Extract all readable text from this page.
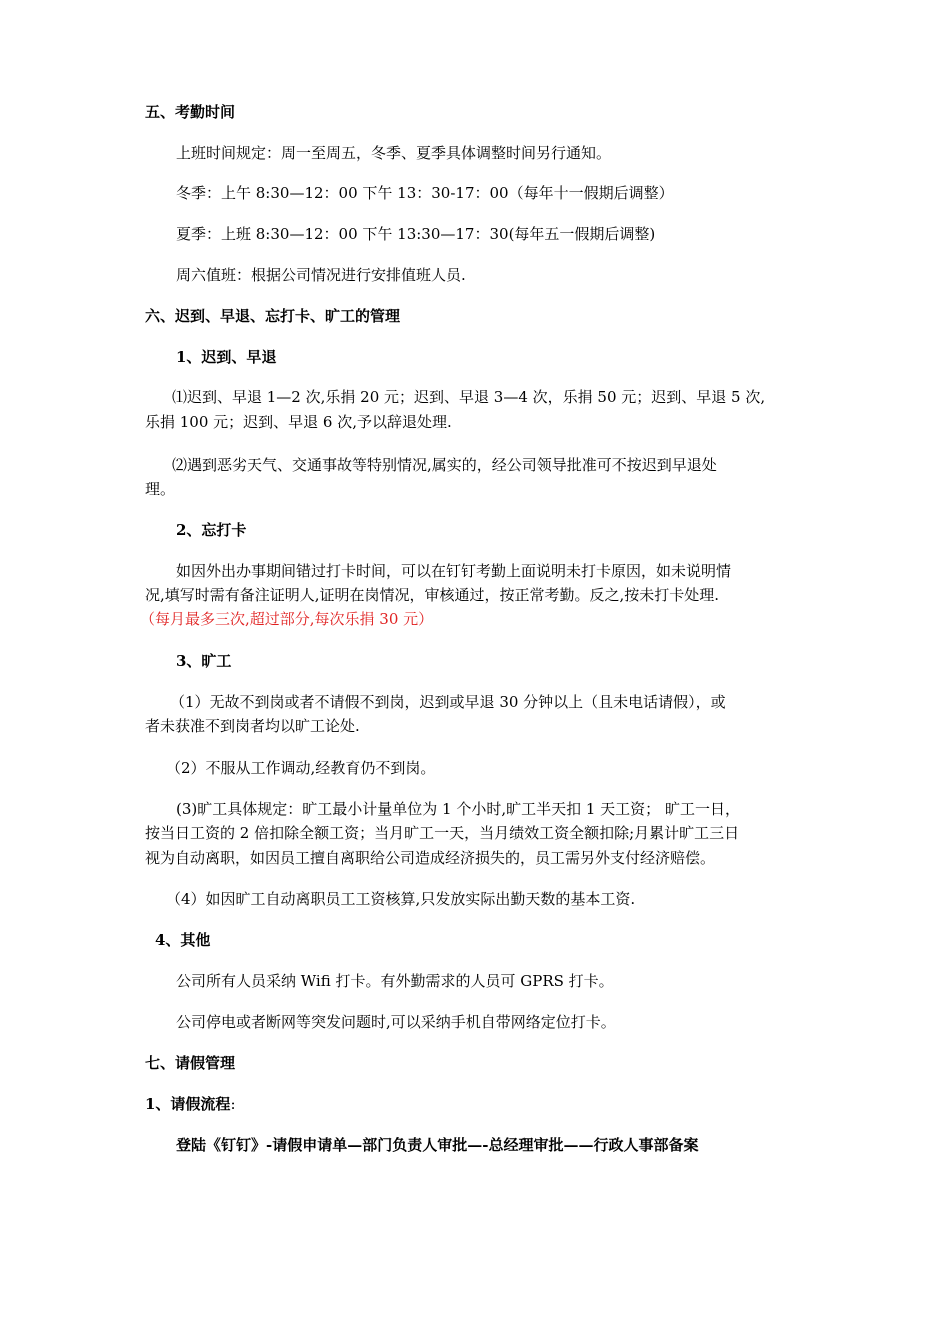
五、考勤时间
上班时间规定：周一至周五，冬季、夏季具体调整时间另行通知。
冬季：上午 8:30—12：00 下午 13：30-17：00（每年十一假期后调整）
夏季：上班 8:30—12：00 下午 13:30—17：30(每年五一假期后调整)
周六值班：根据公司情况进行安排值班人员.
六、迟到、早退、忘打卡、旷工的管理
1、迟到、早退
⑴迟到、早退 1—2 次,乐捐 20 元；迟到、早退 3—4 次，乐捐 50 元；迟到、早退 5 次,
乐捐 100 元；迟到、早退 6 次,予以辞退处理.
⑵遇到恶劣天气、交通事故等特别情况,属实的，经公司领导批准可不按迟到早退处
理。
2、忘打卡
如因外出办事期间错过打卡时间，可以在钉钉考勤上面说明未打卡原因，如未说明情
况,填写时需有备注证明人,证明在岗情况，审核通过，按正常考勤。反之,按未打卡处理.
（每月最多三次,超过部分,每次乐捐 30 元）
3、旷工
（1）无故不到岗或者不请假不到岗，迟到或早退 30 分钟以上（且未电话请假），或
者未获准不到岗者均以旷工论处.
（2）不服从工作调动,经教育仍不到岗。
(3)旷工具体规定：旷工最小计量单位为 1 个小时,旷工半天扣 1 天工资； 旷工一日，
按当日工资的 2 倍扣除全额工资；当月旷工一天，当月绩效工资全额扣除;月累计旷工三日
视为自动离职，如因员工擅自离职给公司造成经济损失的，员工需另外支付经济赔偿。
（4）如因旷工自动离职员工工资核算,只发放实际出勤天数的基本工资.
4、其他
公司所有人员采纳 Wifi 打卡。有外勤需求的人员可 GPRS 打卡。
公司停电或者断网等突发问题时,可以采纳手机自带网络定位打卡。
七、请假管理
1、请假流程:
登陆《钉钉》-请假申请单—部门负责人审批—-总经理审批——行政人事部备案
